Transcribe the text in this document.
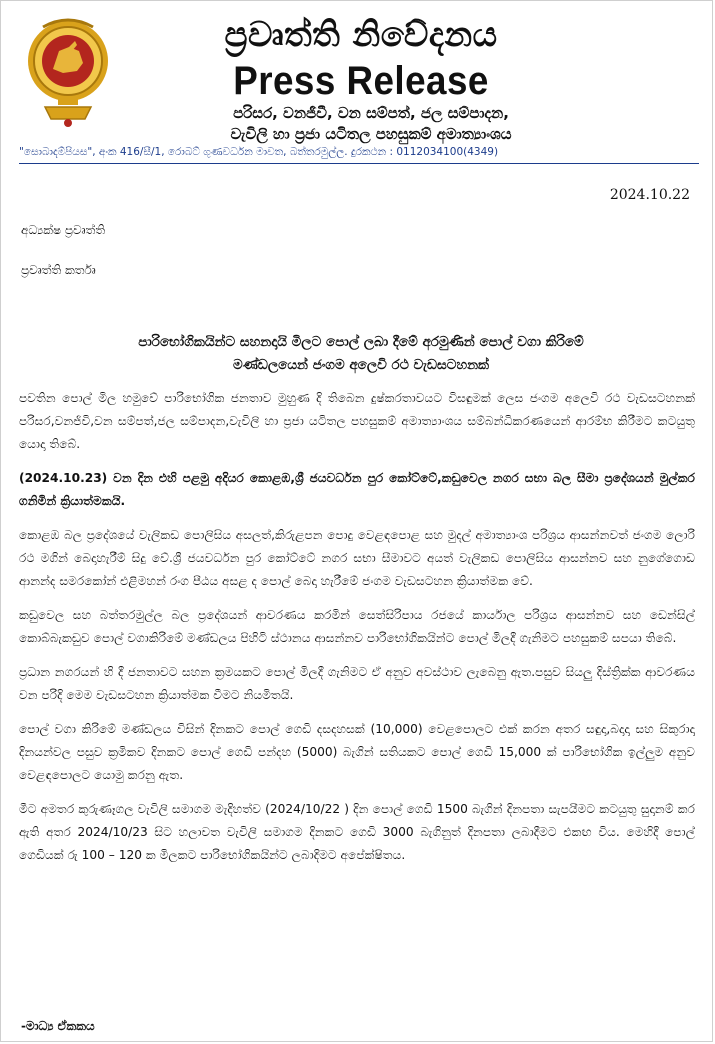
ප්‍රවෘත්ති නිවේදනය
Press Release
පරිසර, වනජීවී, වන සම්පත්, ජල සම්පාදන,
වැවිලි හා ප්‍රජා යටිතල පහසුකම් අමාත්‍යාංශය
"සොබාදම්පියස", අංක 416/සී/1, රොබට් ගුණවර්ධන මාවත, බත්තරමුල්ල. දුරකථන : 0112034100(4349)
2024.10.22
අධ්‍යක්ෂ ප්‍රවෘත්ති
ප්‍රවෘත්ති කර්තෘ
පාරිභෝගිකයින්ට සහනදායි මිලට පොල් ලබා දීමේ අරමුණින් පොල් වගා කිරිමේ
මණ්ඩලයෙන් ජංගම අලෙවි රථ වැඩසටහනක්

පවතින පොල් මිල හමුවේ පාරිභෝගික ජනතාව මුහුණ දි තිබෙන දුෂ්කරතාවයට විසඳුමක් ලෙස ජංගම අලෙවි රථ වැඩසටහනක් පරිසර,වනජිවි,වන සම්පත්,ජල සම්පාදන,වැවිලි හා ප්‍රජා යටිතල පහසුකම් අමාත්‍යාංශය සම්බන්ධිකරණයෙන් ආරම්භ කිරීමට කටයුතු යොදා තිබේ.

(2024.10.23) වන දින එහි පළමු අදියර කොළඹ,ශ්‍රී ජයවර්ධන පුර කෝට්ටේ,කඩුවෙල නගර සභා බල සීමා ප්‍රදේශයන් මුල්කර ගනිමින් ක්‍රියාත්මකයි.

කොළඹ බල ප්‍රදේශයේ වැලිකඩ පොලිසිය අසලත්,කිරුළපන පොදු වෙළඳපොළ සහ මුදල් අමාත්‍යාංශ පරිශ්‍රය ආසන්නවත් ජංගම ලොරි රථ මගින් බෙදාහැරීම් සිදු වේ.ශ්‍රී ජයවර්ධන පුර කෝට්ටේ නගර සභා සීමාවට අයත් වැලිකඩ පොලිසිය ආසන්නව සහ නුගේගොඩ ආනන්ද සමරකෝන් එළිමහන් රංග පීඨය අසළ ද පොල් බෙදා හැරීමේ ජංගම වැඩසටහන ක්‍රියාත්මක වේ.

කඩුවෙල සහ බත්තරමුල්ල බල ප්‍රදේශයන් ආවරණය කරමින් සෙත්සිරිපාය රජයේ කාර්යාල පරිශ්‍රය ආසන්නව සහ ඩෙන්සිල් කොබ්බැකඩුව පොල් වගාකිරිමේ මණ්ඩලය පිහිටි ස්ථානය ආසන්නව පාරිභෝගිකයින්ට පොල් මිලදී ගැනිමට පහසුකම් සපයා තිබේ.

ප්‍රධාන නගරයන් හි දී ජනතාවට සහන ක්‍රමයකට පොල් මිලදී ගැනිමට ඒ අනුව අවස්ථාව ලැබෙනු ඇත.පසුව සියලු දිස්ත්‍රික්ක ආවරණය වන පරිදි මෙම වැඩසටහන ක්‍රියාත්මක වීමට නියමිතයි.

පොල් වගා කිරිමේ මණ්ඩලය විසින් දිනකට පොල් ගෙඩි දසදහසක් (10,000) වෙළපොලට එක් කරන අතර සඳුදා,බදාදා සහ සිකුරාදා දිනයන්වල පසුව ක්‍රමිකව දිනකට පොල් ගෙඩි පන්දහ (5000) බැගින් සතියකට පොල් ගෙඩි 15,000 ක් පාරිභෝගික ඉල්ලුම අනුව වෙළඳපොලට යොමු කරනු ඇත.

මීට අමතර කුරුණෑගල වැවිලි සමාගම මැදිහත්ව (2024/10/22 ) දින පොල් ගෙඩි 1500 බැගින් දිනපතා සැපයීමට කටයුතු සුදානම් කර ඇති අතර 2024/10/23 සිට හලාවත වැවිලි සමාගම දිනකට ගෙඩි 3000 බැගිනුත් දිනපතා ලබාදීමට එකඟ විය. මෙහිදී පොල් ගෙඩියක් රු 100 – 120 ක මිලකට පාරිභෝගිකයින්ට ලබාදිමට අපේක්ෂිතය.

-මාධ්‍ය ඒකකය
